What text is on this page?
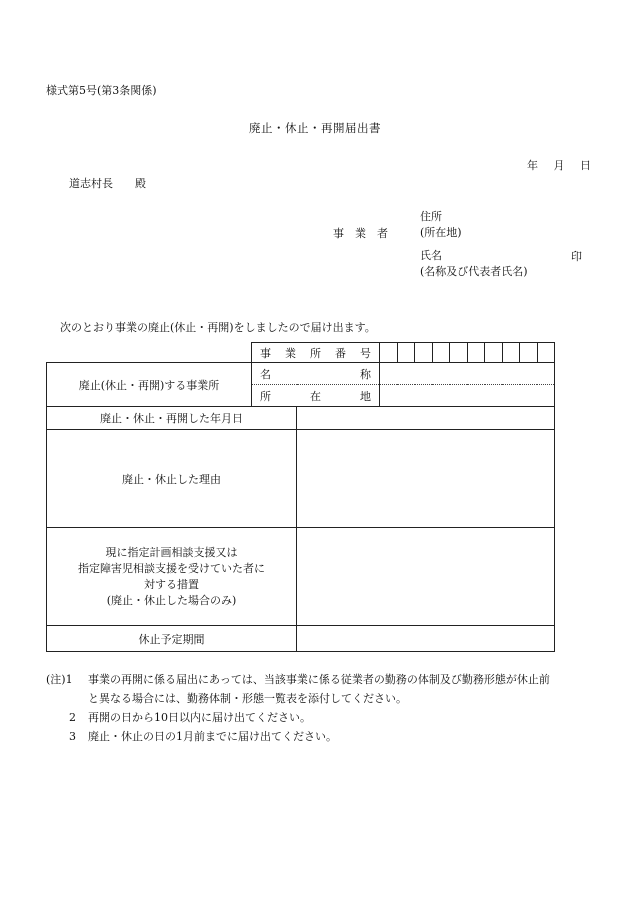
様式第5号(第3条関係)
廃止・休止・再開届出書
年 月 日
道志村長　　殿
事　業　者
住所
(所在地)
氏名
(名称及び代表者氏名)
印
次のとおり事業の廃止(休止・再開)をしましたので届け出ます。

	事 業 所 番 号											

廃止(休止・再開)する事業所	名 称											

	所 在 地											

廃止・休止・再開した年月日												
廃止・休止した理由												

現に指定計画相談支援又は
指定障害児相談支援を受けていた者に
対する措置
(廃止・休止した場合のみ)												

休止予定期間												
(注)1	事業の再開に係る届出にあっては、当該事業に係る従業者の勤務の体制及び勤務形態が休止前
と異なる場合には、勤務体制・形態一覧表を添付してください。
2	再開の日から10日以内に届け出てください。
3	廃止・休止の日の1月前までに届け出てください。
